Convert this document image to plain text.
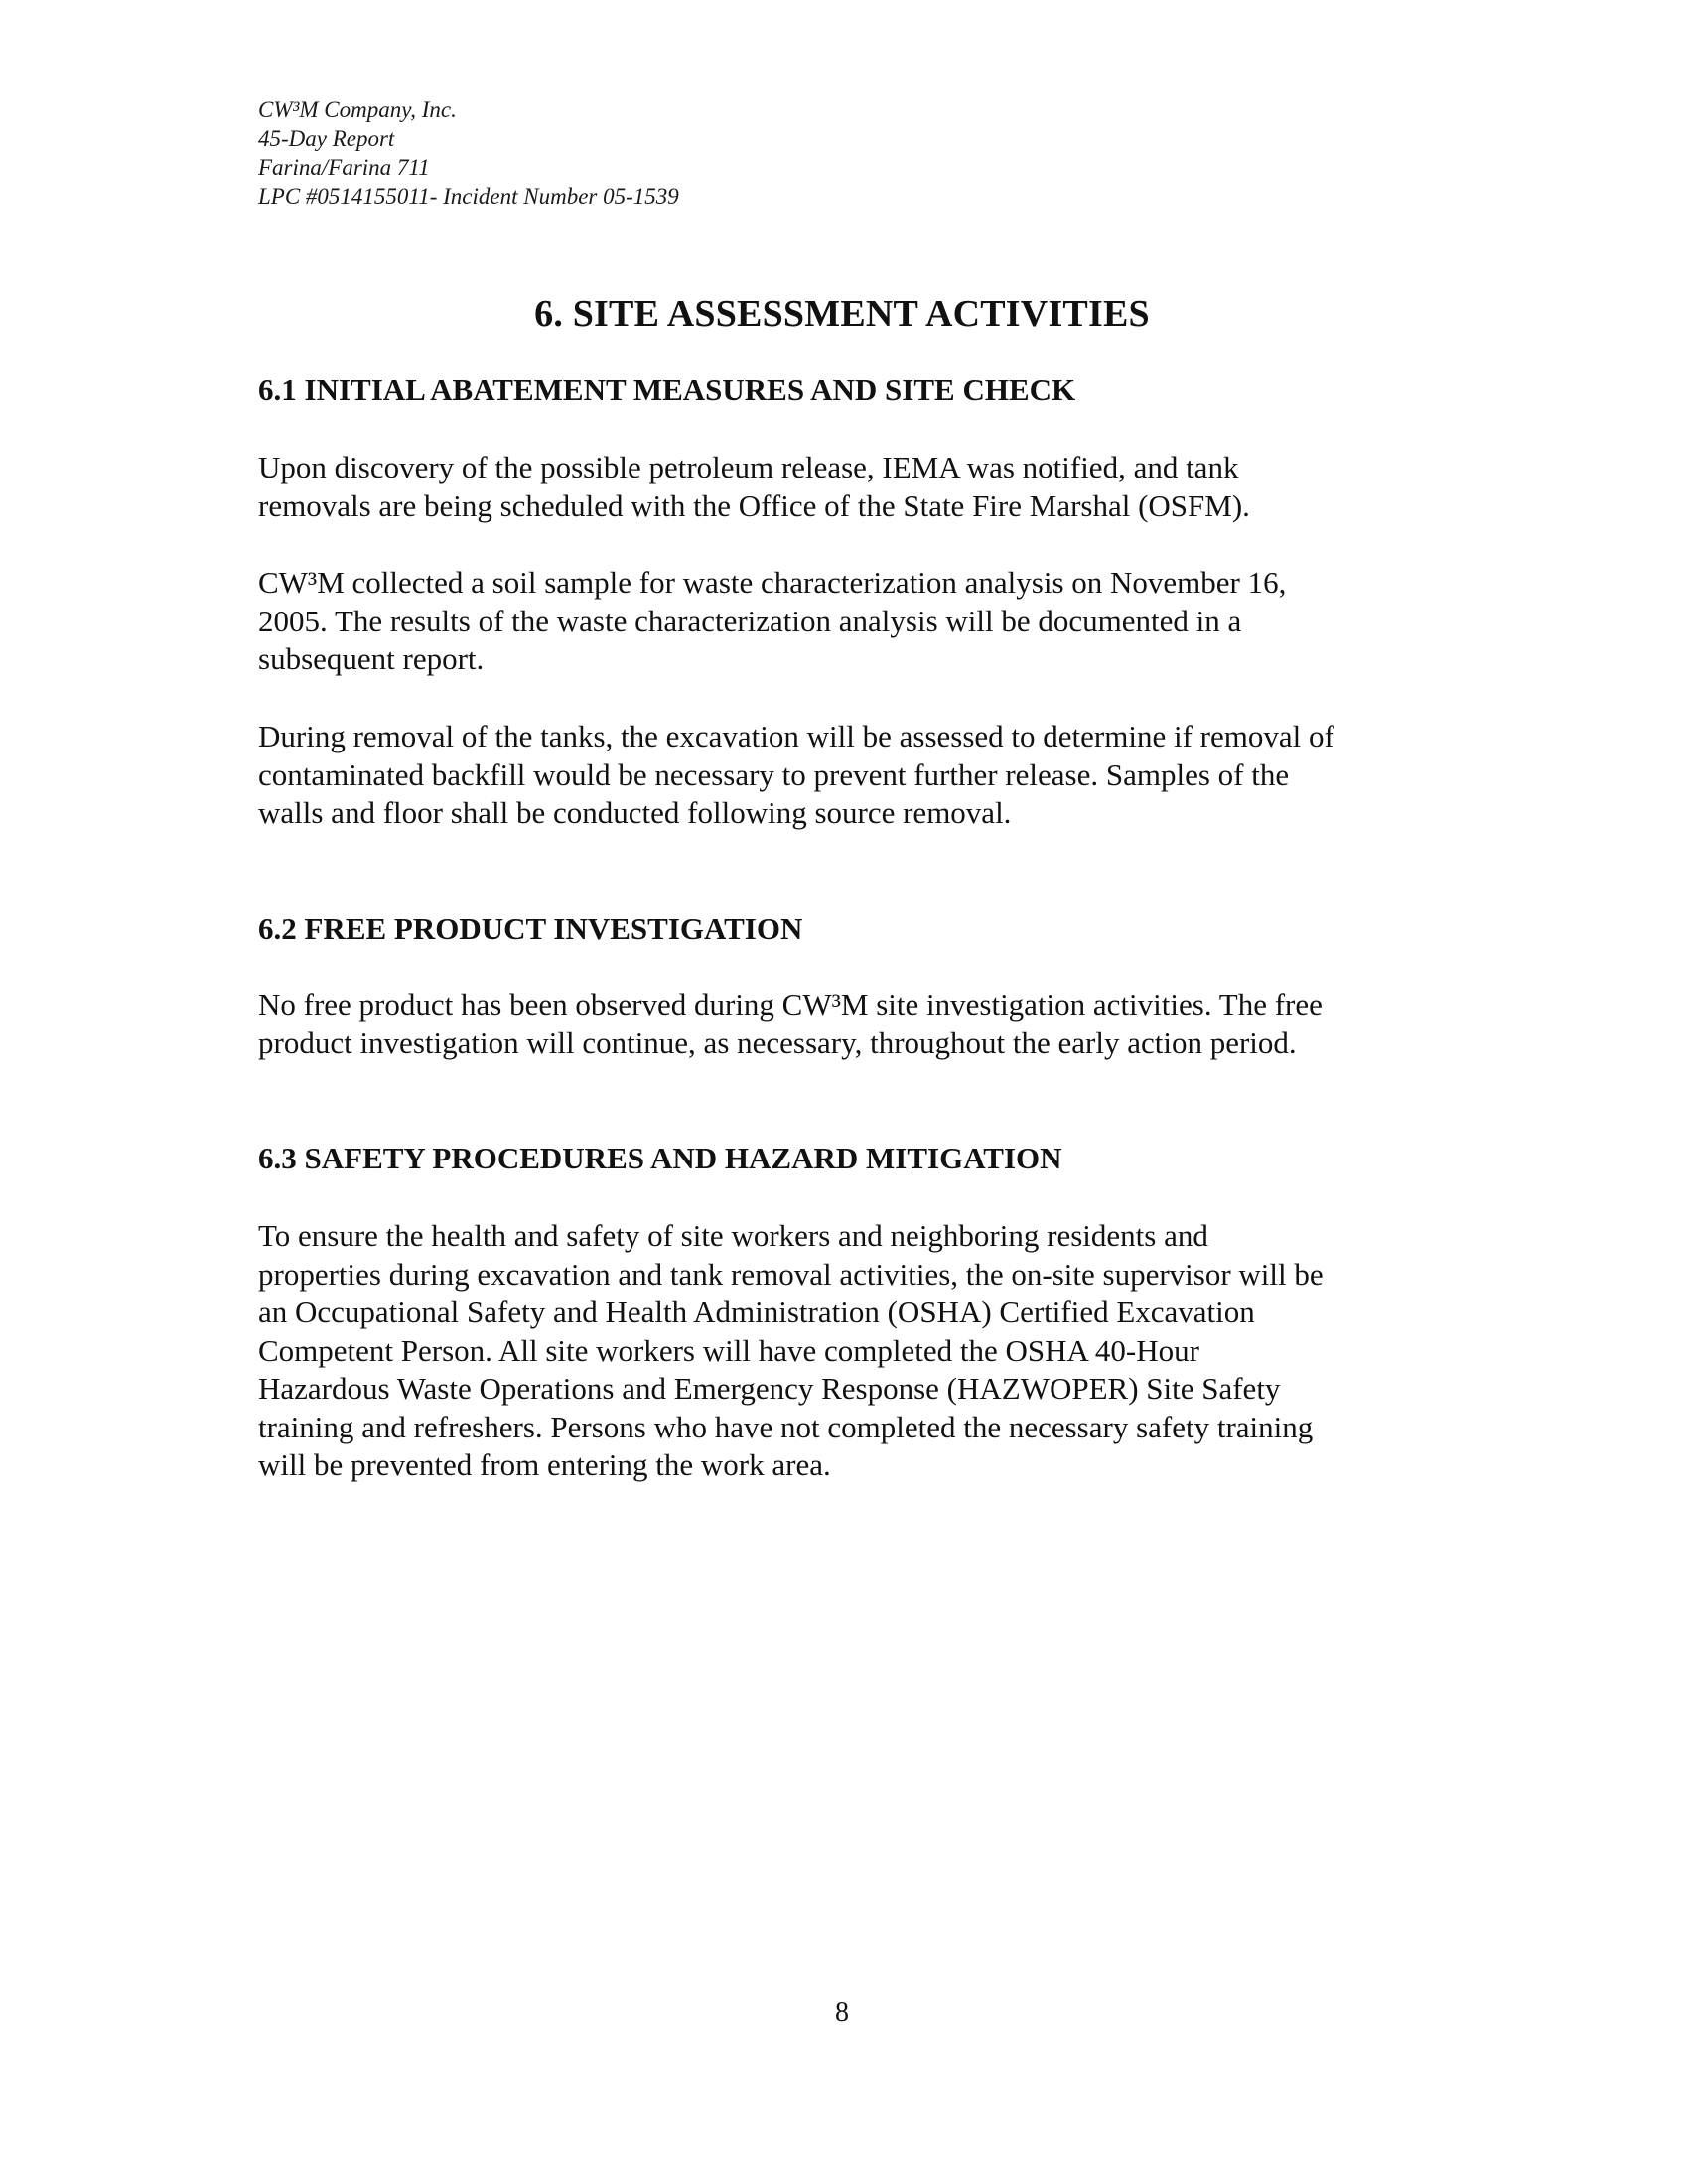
CW³M Company, Inc.
45-Day Report
Farina/Farina 711
LPC #0514155011- Incident Number 05-1539
6. SITE ASSESSMENT ACTIVITIES
6.1 INITIAL ABATEMENT MEASURES AND SITE CHECK
Upon discovery of the possible petroleum release, IEMA was notified, and tank
removals are being scheduled with the Office of the State Fire Marshal (OSFM).
CW³M collected a soil sample for waste characterization analysis on November 16,
2005. The results of the waste characterization analysis will be documented in a
subsequent report.
During removal of the tanks, the excavation will be assessed to determine if removal of
contaminated backfill would be necessary to prevent further release. Samples of the
walls and floor shall be conducted following source removal.
6.2 FREE PRODUCT INVESTIGATION
No free product has been observed during CW³M site investigation activities. The free
product investigation will continue, as necessary, throughout the early action period.
6.3 SAFETY PROCEDURES AND HAZARD MITIGATION
To ensure the health and safety of site workers and neighboring residents and
properties during excavation and tank removal activities, the on-site supervisor will be
an Occupational Safety and Health Administration (OSHA) Certified Excavation
Competent Person. All site workers will have completed the OSHA 40-Hour
Hazardous Waste Operations and Emergency Response (HAZWOPER) Site Safety
training and refreshers. Persons who have not completed the necessary safety training
will be prevented from entering the work area.
8
